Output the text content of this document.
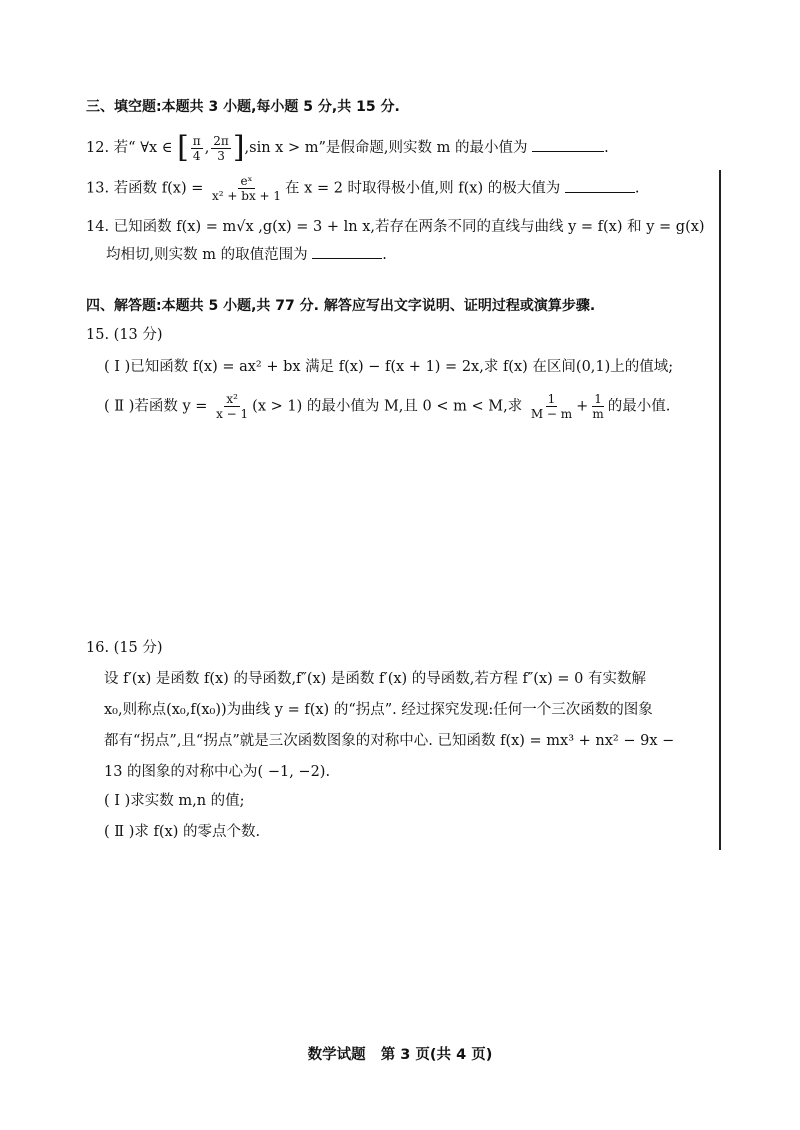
三、填空题:本题共 3 小题,每小题 5 分,共 15 分.
12. 若“ ∀x ∈ [ $\frac{\pi}{4}$ , $\frac{2\pi}{3} ],\sin$ x > m”是假命题,则实数 m 的最小值为	.
13. 若函数 $f(x) = \frac{\text{eˣ}}{\text{x² + bx + 1}}$ 在 x = 2 时取得极小值,则 f(x) 的极大值为	.
14. 已知函数 f(x) = m√x ,g(x) = 3 + ln x,若存在两条不同的直线与曲线 y = f(x) 和 y = g(x)
均相切,则实数 m 的取值范围为	.
四、解答题:本题共 5 小题,共 77 分. 解答应写出文字说明、证明过程或演算步骤.
15. (13 分)
( Ⅰ )已知函数 f(x) = ax² + bx 满足 f(x) − f(x + 1) = 2x,求 f(x) 在区间(0,1)上的值域;
( Ⅱ )若函数 $y = \frac{\text{x²}}{x - 1} (x > 1)$ 的最小值为 M,且 0 < m < M,求 $\frac{1}{M - m} + \frac{1}{m}$ 的最小值.
16. (15 分)
设 f′(x) 是函数 f(x) 的导函数,f″(x) 是函数 f′(x) 的导函数,若方程 f″(x) = 0 有实数解
x₀,则称点(x₀,f(x₀))为曲线 y = f(x) 的“拐点”. 经过探究发现:任何一个三次函数的图象
都有“拐点”,且“拐点”就是三次函数图象的对称中心. 已知函数 f(x) = mx³ + nx² − 9x −
13 的图象的对称中心为( −1, −2).
( Ⅰ )求实数 m,n 的值;
( Ⅱ )求 f(x) 的零点个数.
数学试题 第 3 页(共 4 页)
